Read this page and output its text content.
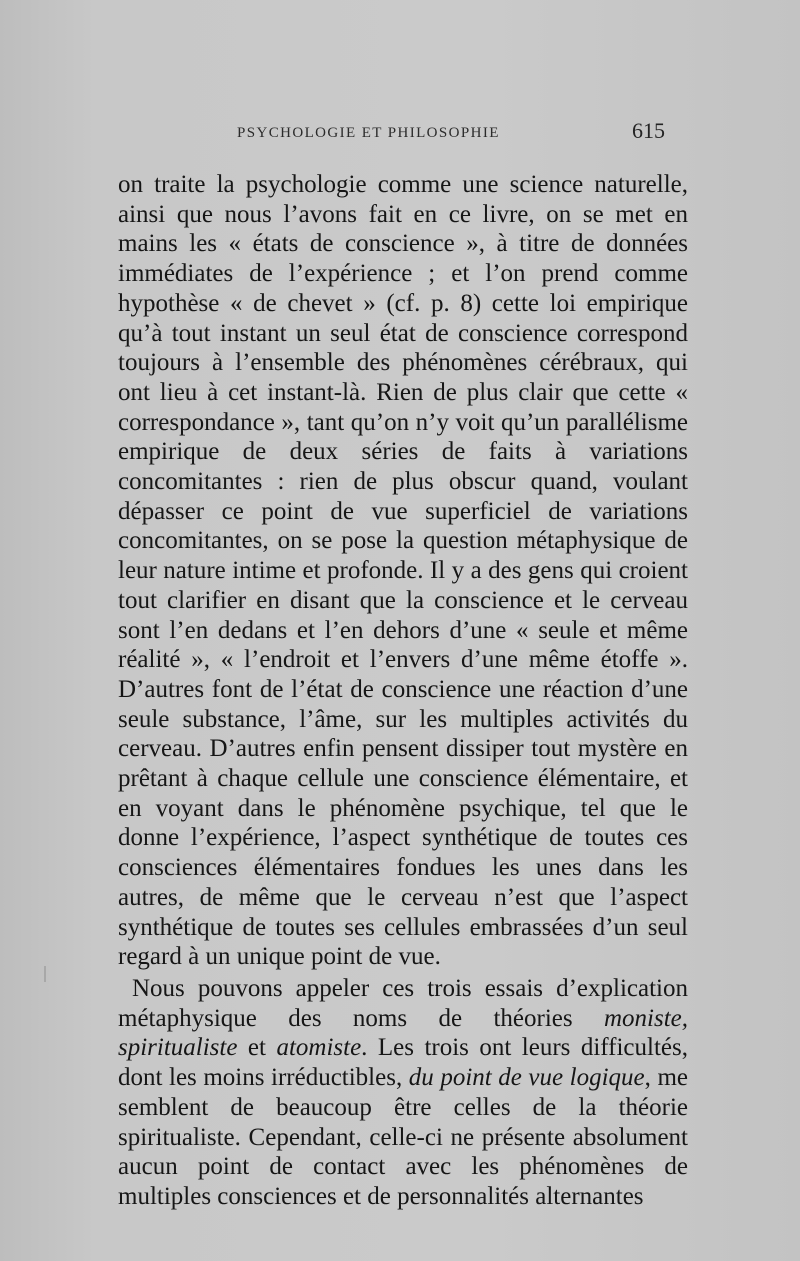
PSYCHOLOGIE ET PHILOSOPHIE	615

on traite la psychologie comme une science naturelle, ainsi que nous l’avons fait en ce livre, on se met en mains les « états de conscience », à titre de données immédiates de l’expérience ; et l’on prend comme hypothèse « de chevet » (cf. p. 8) cette loi empirique qu’à tout instant un seul état de conscience correspond toujours à l’ensemble des phénomènes cérébraux, qui ont lieu à cet instant-là. Rien de plus clair que cette « correspondance », tant qu’on n’y voit qu’un parallélisme empirique de deux séries de faits à variations concomitantes : rien de plus obscur quand, voulant dépasser ce point de vue superficiel de variations concomitantes, on se pose la question métaphysique de leur nature intime et profonde. Il y a des gens qui croient tout clarifier en disant que la conscience et le cerveau sont l’en dedans et l’en dehors d’une « seule et même réalité », « l’endroit et l’envers d’une même étoffe ». D’autres font de l’état de conscience une réaction d’une seule substance, l’âme, sur les multiples activités du cerveau. D’autres enfin pensent dissiper tout mystère en prêtant à chaque cellule une conscience élémentaire, et en voyant dans le phénomène psychique, tel que le donne l’expérience, l’aspect synthétique de toutes ces consciences élémentaires fondues les unes dans les autres, de même que le cerveau n’est que l’aspect synthétique de toutes ses cellules embrassées d’un seul regard à un unique point de vue.

Nous pouvons appeler ces trois essais d’explication métaphysique des noms de théories moniste, spiritualiste et atomiste. Les trois ont leurs difficultés, dont les moins irréductibles, du point de vue logique, me semblent de beaucoup être celles de la théorie spiritualiste. Cependant, celle-ci ne présente absolument aucun point de contact avec les phénomènes de multiples consciences et de personnalités alternantes
